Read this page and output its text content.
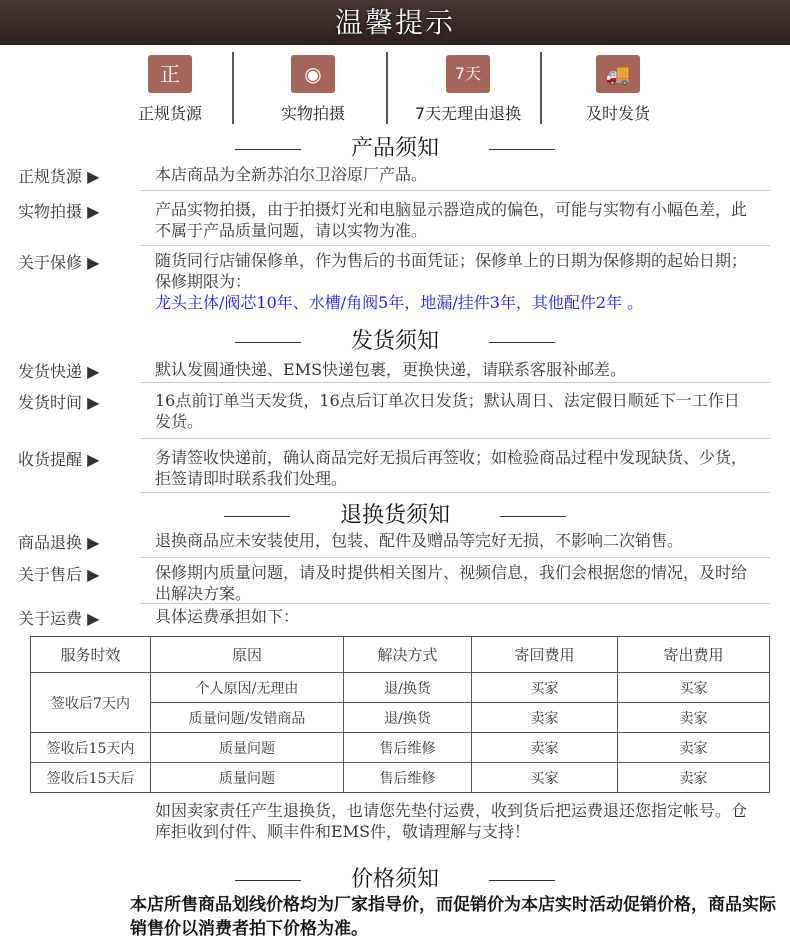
温馨提示
正
正规货源
◉
实物拍摄
7天
7天无理由退换
🚚
及时发货
产品须知
正规货源 ▶	本店商品为全新苏泊尔卫浴原厂产品。
实物拍摄 ▶	产品实物拍摄，由于拍摄灯光和电脑显示器造成的偏色，可能与实物有小幅色差，此不属于产品质量问题，请以实物为准。
关于保修 ▶	随货同行店铺保修单，作为售后的书面凭证；保修单上的日期为保修期的起始日期； 保修期限为：
龙头主体/阀芯10年、水槽/角阀5年，地漏/挂件3年，其他配件2年 。
发货须知
发货快递 ▶	默认发圆通快递、EMS快递包裹，更换快递，请联系客服补邮差。
发货时间 ▶	16点前订单当天发货，16点后订单次日发货；默认周日、法定假日顺延下一工作日发货。
收货提醒 ▶	务请签收快递前，确认商品完好无损后再签收；如检验商品过程中发现缺货、少货，拒签请即时联系我们处理。
退换货须知
商品退换 ▶	退换商品应未安装使用，包装、配件及赠品等完好无损，不影响二次销售。
关于售后 ▶	保修期内质量问题，请及时提供相关图片、视频信息，我们会根据您的情况，及时给出解决方案。
关于运费 ▶	具体运费承担如下：
服务时效	原因	解决方式	寄回费用	寄出费用
签收后7天内	个人原因/无理由	退/换货	买家	买家
	质量问题/发错商品	退/换货	卖家	卖家
签收后15天内	质量问题	售后维修	卖家	卖家
签收后15天后	质量问题	售后维修	买家	卖家
如因卖家责任产生退换货，也请您先垫付运费，收到货后把运费退还您指定帐号。仓库拒收到付件、顺丰件和EMS件，敬请理解与支持！
价格须知
本店所售商品划线价格均为厂家指导价，而促销价为本店实时活动促销价格，商品实际销售价以消费者拍下价格为准。
